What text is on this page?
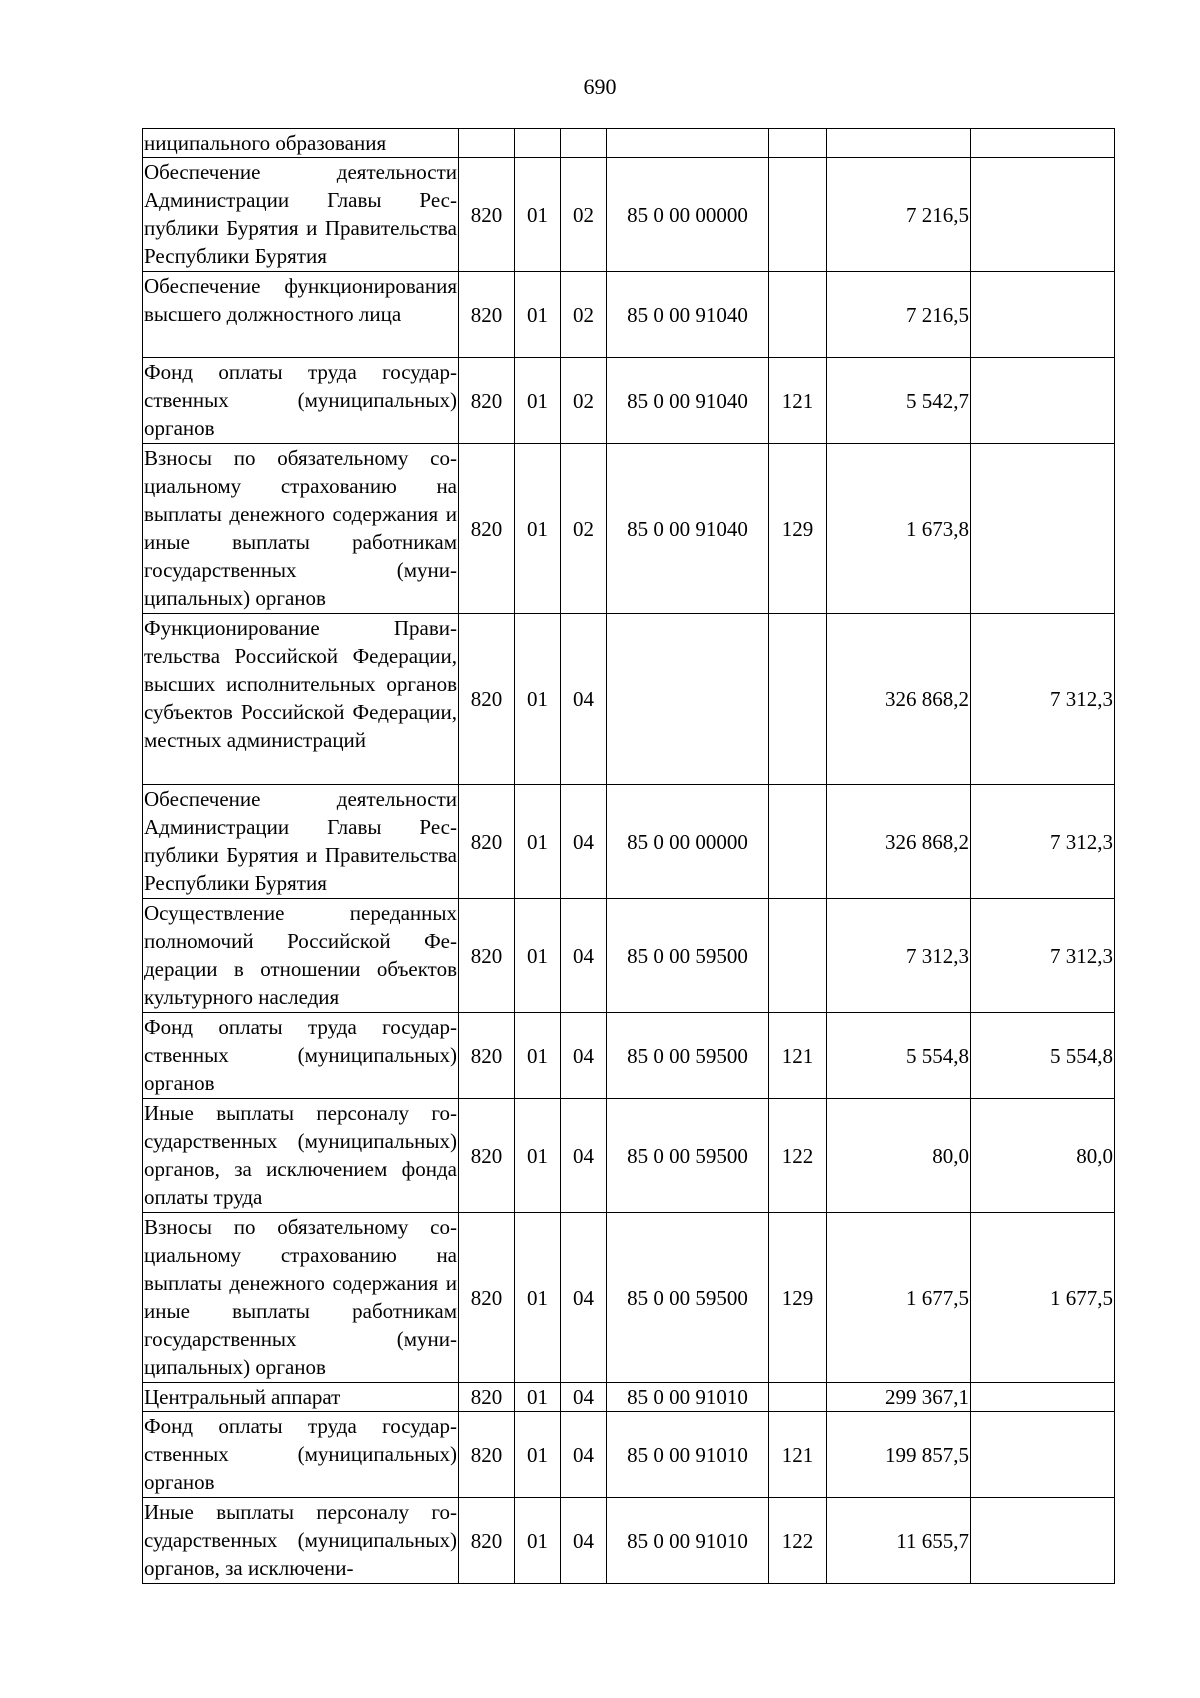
690
ниципального образования							
Обеспечение деятельности Администрации Главы Республики Бурятия и Правительства Республики Бурятия	820	01	02	85 0 00 00000		7 216,5	
Обеспечение функционирования высшего должностного лица	820	01	02	85 0 00 91040		7 216,5	
Фонд оплаты труда государственных (муниципальных) органов	820	01	02	85 0 00 91040	121	5 542,7	
Взносы по обязательному социальному страхованию на выплаты денежного содержания и иные выплаты работникам государственных (муниципальных) органов	820	01	02	85 0 00 91040	129	1 673,8	
Функционирование Правительства Российской Федерации, высших исполнительных органов субъектов Российской Федерации, местных администраций	820	01	04			326 868,2	7 312,3
Обеспечение деятельности Администрации Главы Республики Бурятия и Правительства Республики Бурятия	820	01	04	85 0 00 00000		326 868,2	7 312,3
Осуществление переданных полномочий Российской Федерации в отношении объектов культурного наследия	820	01	04	85 0 00 59500		7 312,3	7 312,3
Фонд оплаты труда государственных (муниципальных) органов	820	01	04	85 0 00 59500	121	5 554,8	5 554,8
Иные выплаты персоналу государственных (муниципальных) органов, за исключением фонда оплаты труда	820	01	04	85 0 00 59500	122	80,0	80,0
Взносы по обязательному социальному страхованию на выплаты денежного содержания и иные выплаты работникам государственных (муниципальных) органов	820	01	04	85 0 00 59500	129	1 677,5	1 677,5
Центральный аппарат	820	01	04	85 0 00 91010		299 367,1	
Фонд оплаты труда государственных (муниципальных) органов	820	01	04	85 0 00 91010	121	199 857,5	
Иные выплаты персоналу государственных (муниципальных) органов, за исключени-	820	01	04	85 0 00 91010	122	11 655,7	
